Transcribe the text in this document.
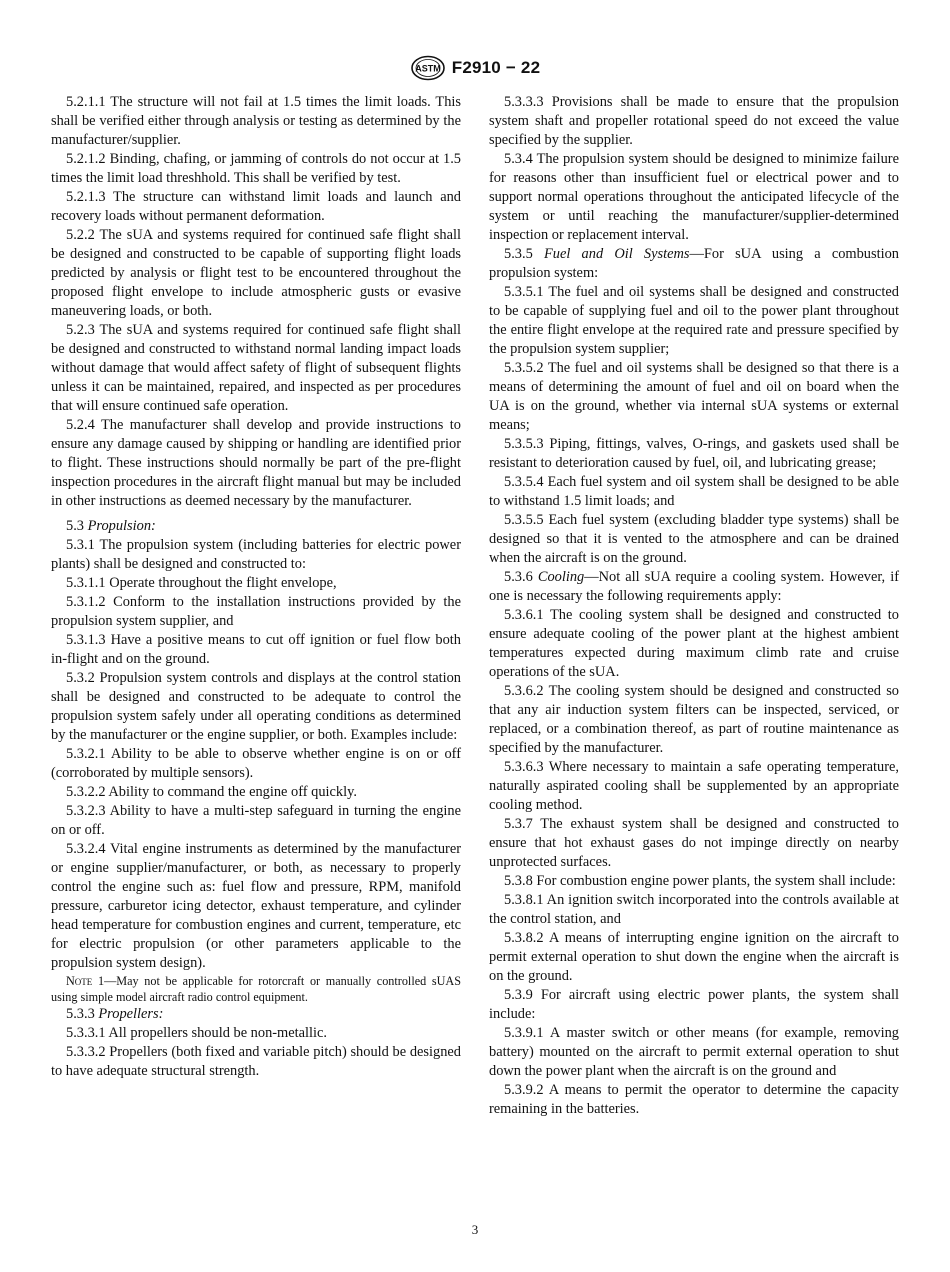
ASTM F2910 − 22

5.2.1.1 The structure will not fail at 1.5 times the limit loads. This shall be verified either through analysis or testing as determined by the manufacturer/supplier.

5.2.1.2 Binding, chafing, or jamming of controls do not occur at 1.5 times the limit load threshhold. This shall be verified by test.

5.2.1.3 The structure can withstand limit loads and launch and recovery loads without permanent deformation.

5.2.2 The sUA and systems required for continued safe flight shall be designed and constructed to be capable of supporting flight loads predicted by analysis or flight test to be encountered throughout the proposed flight envelope to include atmospheric gusts or evasive maneuvering loads, or both.

5.2.3 The sUA and systems required for continued safe flight shall be designed and constructed to withstand normal landing impact loads without damage that would affect safety of flight of subsequent flights unless it can be maintained, repaired, and inspected as per procedures that will ensure continued safe operation.

5.2.4 The manufacturer shall develop and provide instructions to ensure any damage caused by shipping or handling are identified prior to flight. These instructions should normally be part of the pre-flight inspection procedures in the aircraft flight manual but may be included in other instructions as deemed necessary by the manufacturer.

5.3 Propulsion:

5.3.1 The propulsion system (including batteries for electric power plants) shall be designed and constructed to:

5.3.1.1 Operate throughout the flight envelope,

5.3.1.2 Conform to the installation instructions provided by the propulsion system supplier, and

5.3.1.3 Have a positive means to cut off ignition or fuel flow both in-flight and on the ground.

5.3.2 Propulsion system controls and displays at the control station shall be designed and constructed to be adequate to control the propulsion system safely under all operating conditions as determined by the manufacturer or the engine supplier, or both. Examples include:

5.3.2.1 Ability to be able to observe whether engine is on or off (corroborated by multiple sensors).

5.3.2.2 Ability to command the engine off quickly.

5.3.2.3 Ability to have a multi-step safeguard in turning the engine on or off.

5.3.2.4 Vital engine instruments as determined by the manufacturer or engine supplier/manufacturer, or both, as necessary to properly control the engine such as: fuel flow and pressure, RPM, manifold pressure, carburetor icing detector, exhaust temperature, and cylinder head temperature for combustion engines and current, temperature, etc for electric propulsion (or other parameters applicable to the propulsion system design).

Note 1—May not be applicable for rotorcraft or manually controlled sUAS using simple model aircraft radio control equipment.

5.3.3 Propellers:

5.3.3.1 All propellers should be non-metallic.

5.3.3.2 Propellers (both fixed and variable pitch) should be designed to have adequate structural strength.

5.3.3.3 Provisions shall be made to ensure that the propulsion system shaft and propeller rotational speed do not exceed the value specified by the supplier.

5.3.4 The propulsion system should be designed to minimize failure for reasons other than insufficient fuel or electrical power and to support normal operations throughout the anticipated lifecycle of the system or until reaching the manufacturer/supplier-determined inspection or replacement interval.

5.3.5 Fuel and Oil Systems—For sUA using a combustion propulsion system:

5.3.5.1 The fuel and oil systems shall be designed and constructed to be capable of supplying fuel and oil to the power plant throughout the entire flight envelope at the required rate and pressure specified by the propulsion system supplier;

5.3.5.2 The fuel and oil systems shall be designed so that there is a means of determining the amount of fuel and oil on board when the UA is on the ground, whether via internal sUA systems or external means;

5.3.5.3 Piping, fittings, valves, O-rings, and gaskets used shall be resistant to deterioration caused by fuel, oil, and lubricating grease;

5.3.5.4 Each fuel system and oil system shall be designed to be able to withstand 1.5 limit loads; and

5.3.5.5 Each fuel system (excluding bladder type systems) shall be designed so that it is vented to the atmosphere and can be drained when the aircraft is on the ground.

5.3.6 Cooling—Not all sUA require a cooling system. However, if one is necessary the following requirements apply:

5.3.6.1 The cooling system shall be designed and constructed to ensure adequate cooling of the power plant at the highest ambient temperatures expected during maximum climb rate and cruise operations of the sUA.

5.3.6.2 The cooling system should be designed and constructed so that any air induction system filters can be inspected, serviced, or replaced, or a combination thereof, as part of routine maintenance as specified by the manufacturer.

5.3.6.3 Where necessary to maintain a safe operating temperature, naturally aspirated cooling shall be supplemented by an appropriate cooling method.

5.3.7 The exhaust system shall be designed and constructed to ensure that hot exhaust gases do not impinge directly on nearby unprotected surfaces.

5.3.8 For combustion engine power plants, the system shall include:

5.3.8.1 An ignition switch incorporated into the controls available at the control station, and

5.3.8.2 A means of interrupting engine ignition on the aircraft to permit external operation to shut down the engine when the aircraft is on the ground.

5.3.9 For aircraft using electric power plants, the system shall include:

5.3.9.1 A master switch or other means (for example, removing battery) mounted on the aircraft to permit external operation to shut down the power plant when the aircraft is on the ground and

5.3.9.2 A means to permit the operator to determine the capacity remaining in the batteries.

3
